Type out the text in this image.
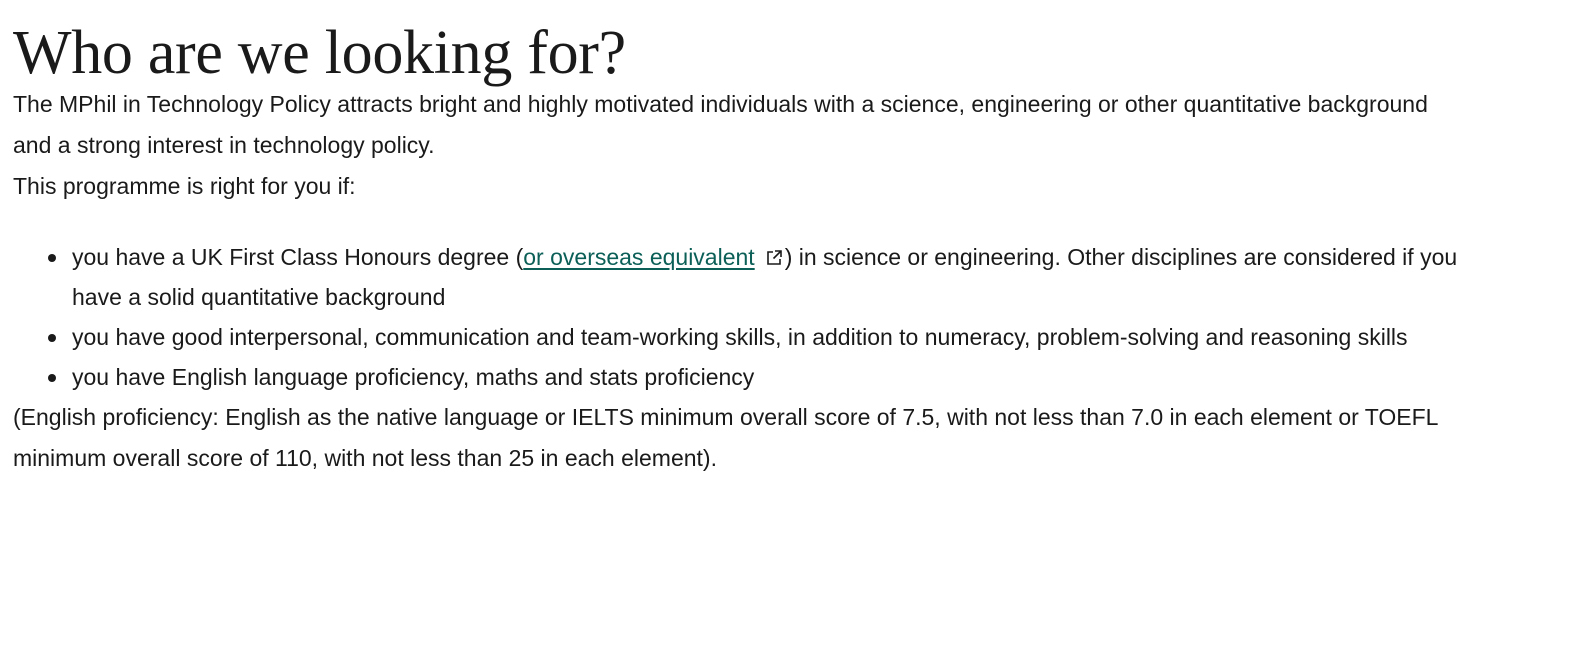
Who are we looking for?

The MPhil in Technology Policy attracts bright and highly motivated individuals with a science, engineering or other quantitative background and a strong interest in technology policy.

This programme is right for you if:

you have a UK First Class Honours degree (or overseas equivalent ) in science or engineering. Other disciplines are considered if you have a solid quantitative background
you have good interpersonal, communication and team-working skills, in addition to numeracy, problem-solving and reasoning skills
you have English language proficiency, maths and stats proficiency

(English proficiency: English as the native language or IELTS minimum overall score of 7.5, with not less than 7.0 in each element or TOEFL minimum overall score of 110, with not less than 25 in each element).
